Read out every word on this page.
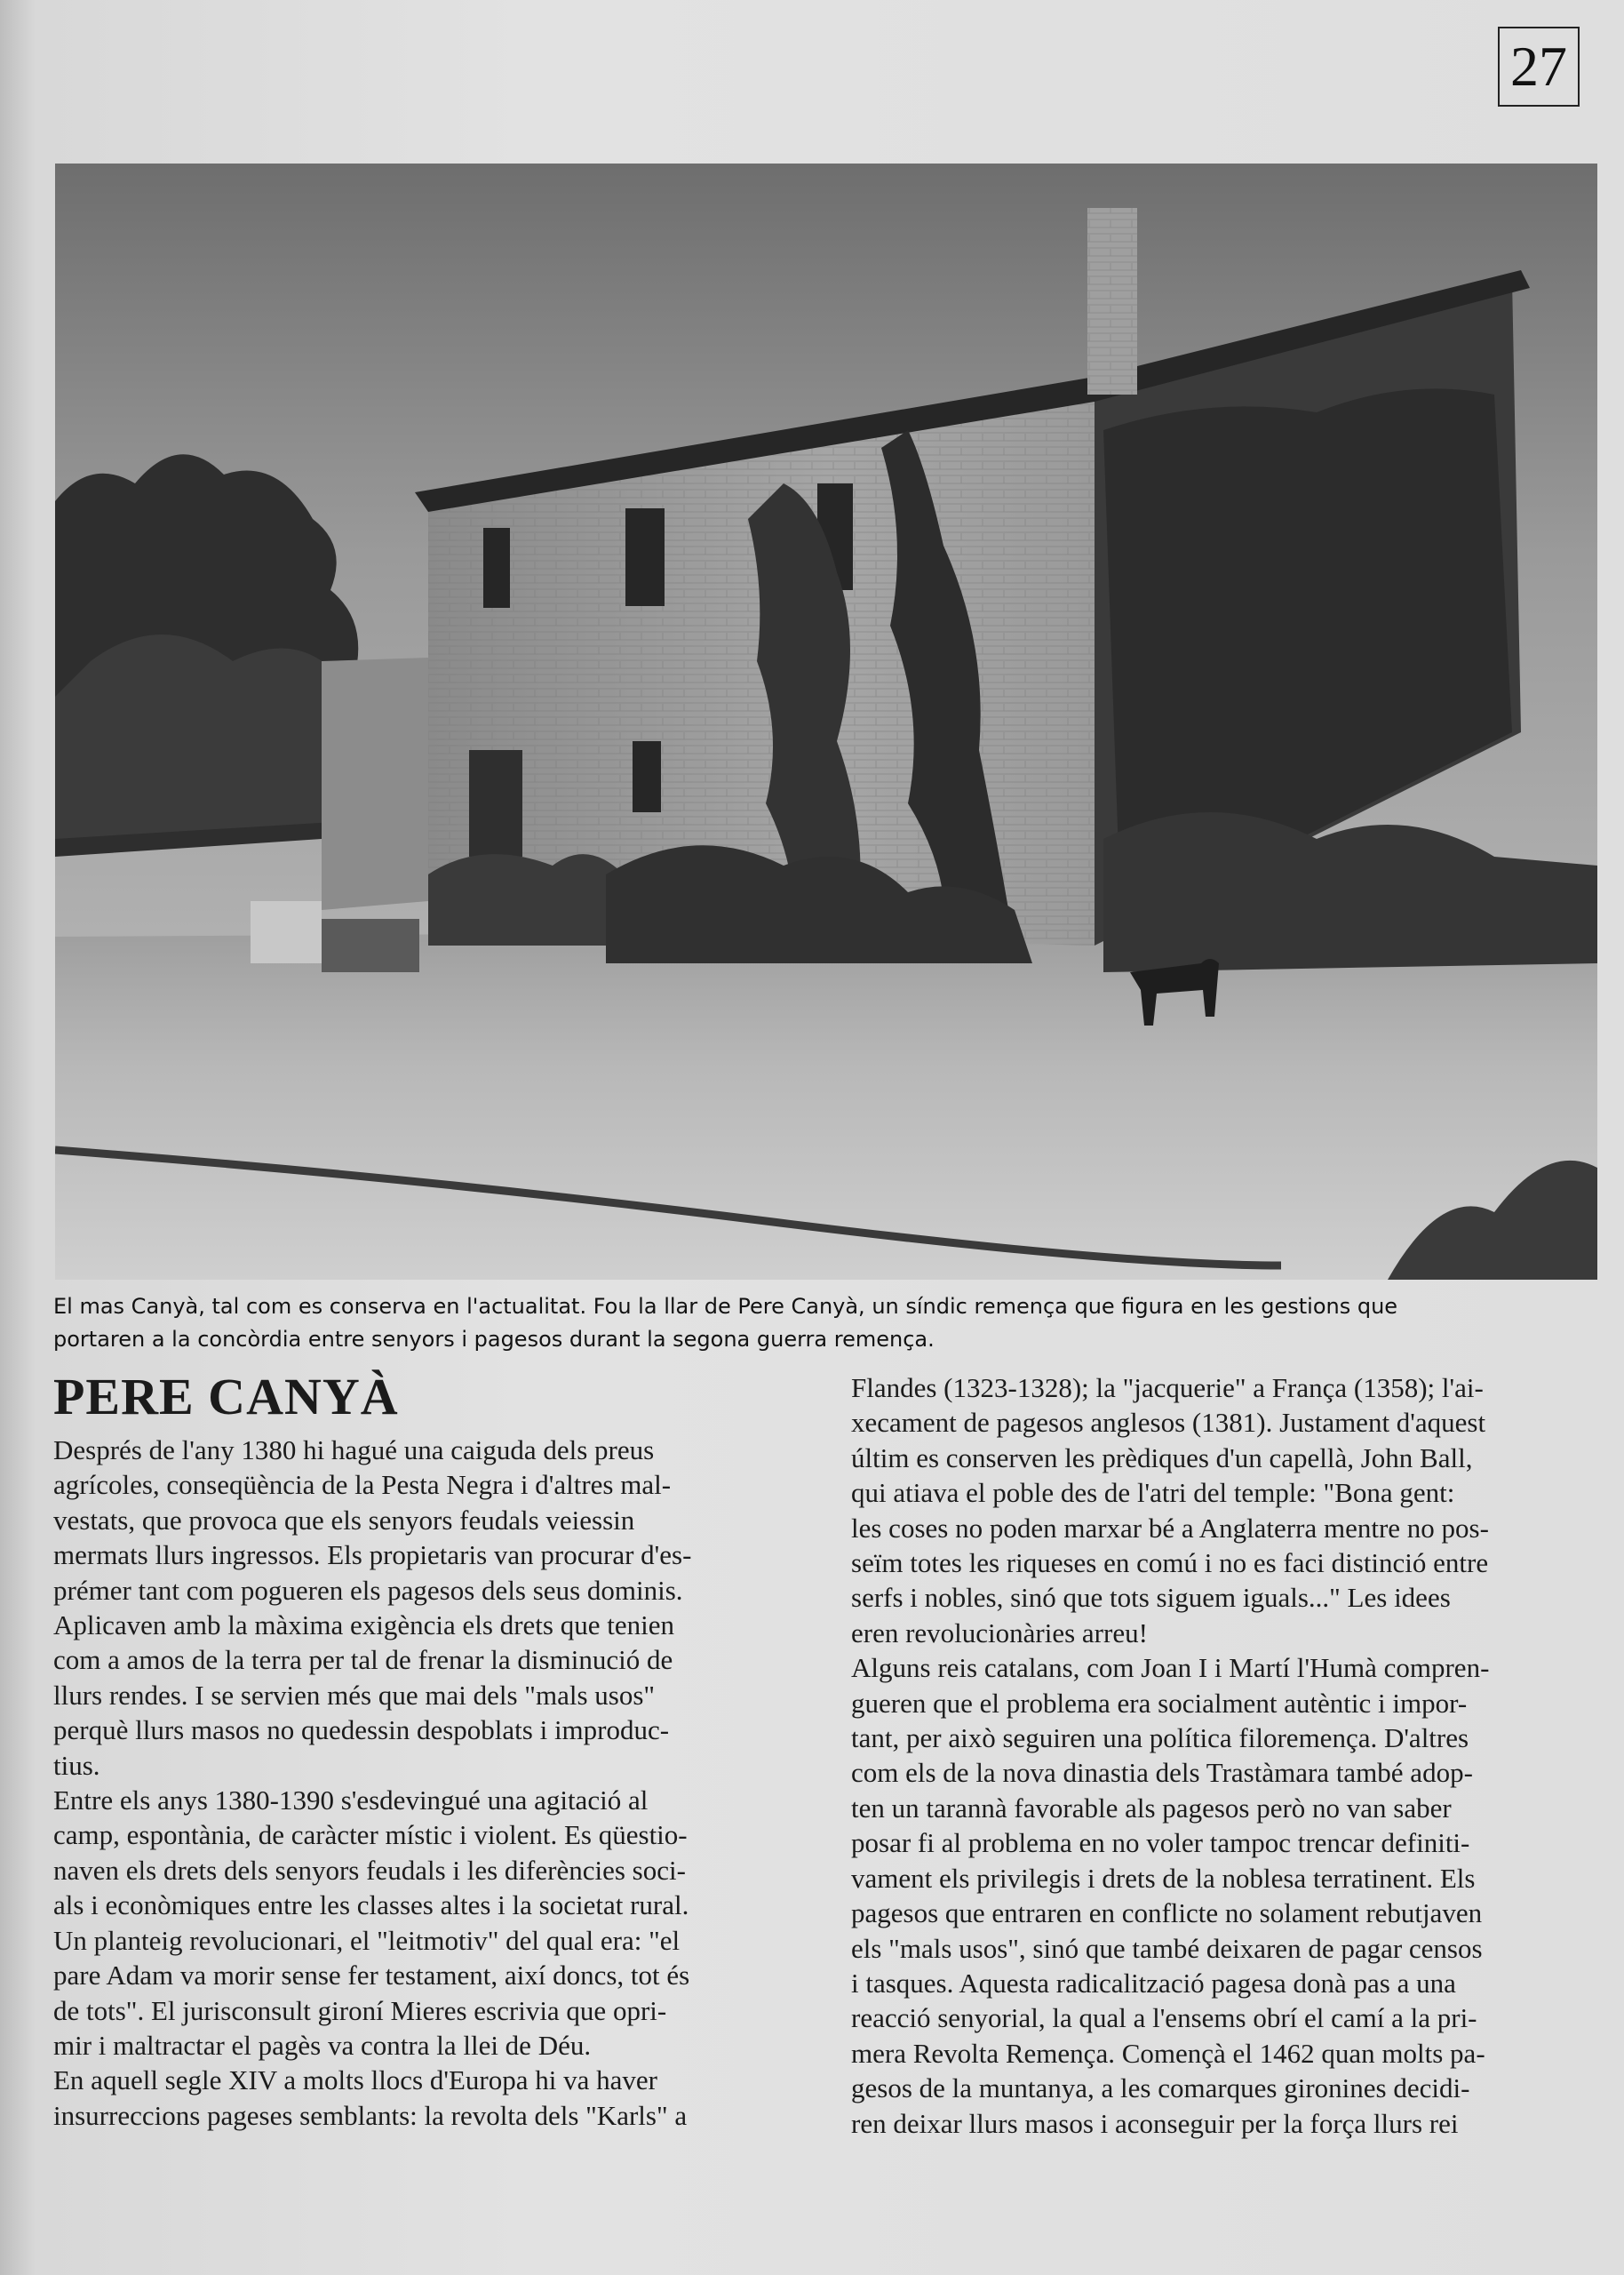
27
El mas Canyà, tal com es conserva en l'actualitat. Fou la llar de Pere Canyà, un síndic remença que figura en les gestions que
portaren a la concòrdia entre senyors i pagesos durant la segona guerra remença.
PERE CANYÀ

Després de l'any 1380 hi hagué una caiguda dels preus
agrícoles, conseqüència de la Pesta Negra i d'altres mal-
vestats, que provoca que els senyors feudals veiessin
mermats llurs ingressos. Els propietaris van procurar d'es-
prémer tant com pogueren els pagesos dels seus dominis.
Aplicaven amb la màxima exigència els drets que tenien
com a amos de la terra per tal de frenar la disminució de
llurs rendes. I se servien més que mai dels "mals usos"
perquè llurs masos no quedessin despoblats i improduc-
tius.

Entre els anys 1380-1390 s'esdevingué una agitació al
camp, espontània, de caràcter místic i violent. Es qüestio-
naven els drets dels senyors feudals i les diferències soci-
als i econòmiques entre les classes altes i la societat rural.
Un planteig revolucionari, el "leitmotiv" del qual era: "el
pare Adam va morir sense fer testament, així doncs, tot és
de tots". El jurisconsult gironí Mieres escrivia que opri-
mir i maltractar el pagès va contra la llei de Déu.

En aquell segle XIV a molts llocs d'Europa hi va haver
insurreccions pageses semblants: la revolta dels "Karls" a

Flandes (1323-1328); la "jacquerie" a França (1358); l'ai-
xecament de pagesos anglesos (1381). Justament d'aquest
últim es conserven les prèdiques d'un capellà, John Ball,
qui atiava el poble des de l'atri del temple: "Bona gent:
les coses no poden marxar bé a Anglaterra mentre no pos-
seïm totes les riqueses en comú i no es faci distinció entre
serfs i nobles, sinó que tots siguem iguals..." Les idees
eren revolucionàries arreu!

Alguns reis catalans, com Joan I i Martí l'Humà compren-
gueren que el problema era socialment autèntic i impor-
tant, per això seguiren una política filoremença. D'altres
com els de la nova dinastia dels Trastàmara també adop-
ten un tarannà favorable als pagesos però no van saber
posar fi al problema en no voler tampoc trencar definiti-
vament els privilegis i drets de la noblesa terratinent. Els
pagesos que entraren en conflicte no solament rebutjaven
els "mals usos", sinó que també deixaren de pagar censos
i tasques. Aquesta radicalització pagesa donà pas a una
reacció senyorial, la qual a l'ensems obrí el camí a la pri-
mera Revolta Remença. Començà el 1462 quan molts pa-
gesos de la muntanya, a les comarques gironines decidi-
ren deixar llurs masos i aconseguir per la força llurs rei
